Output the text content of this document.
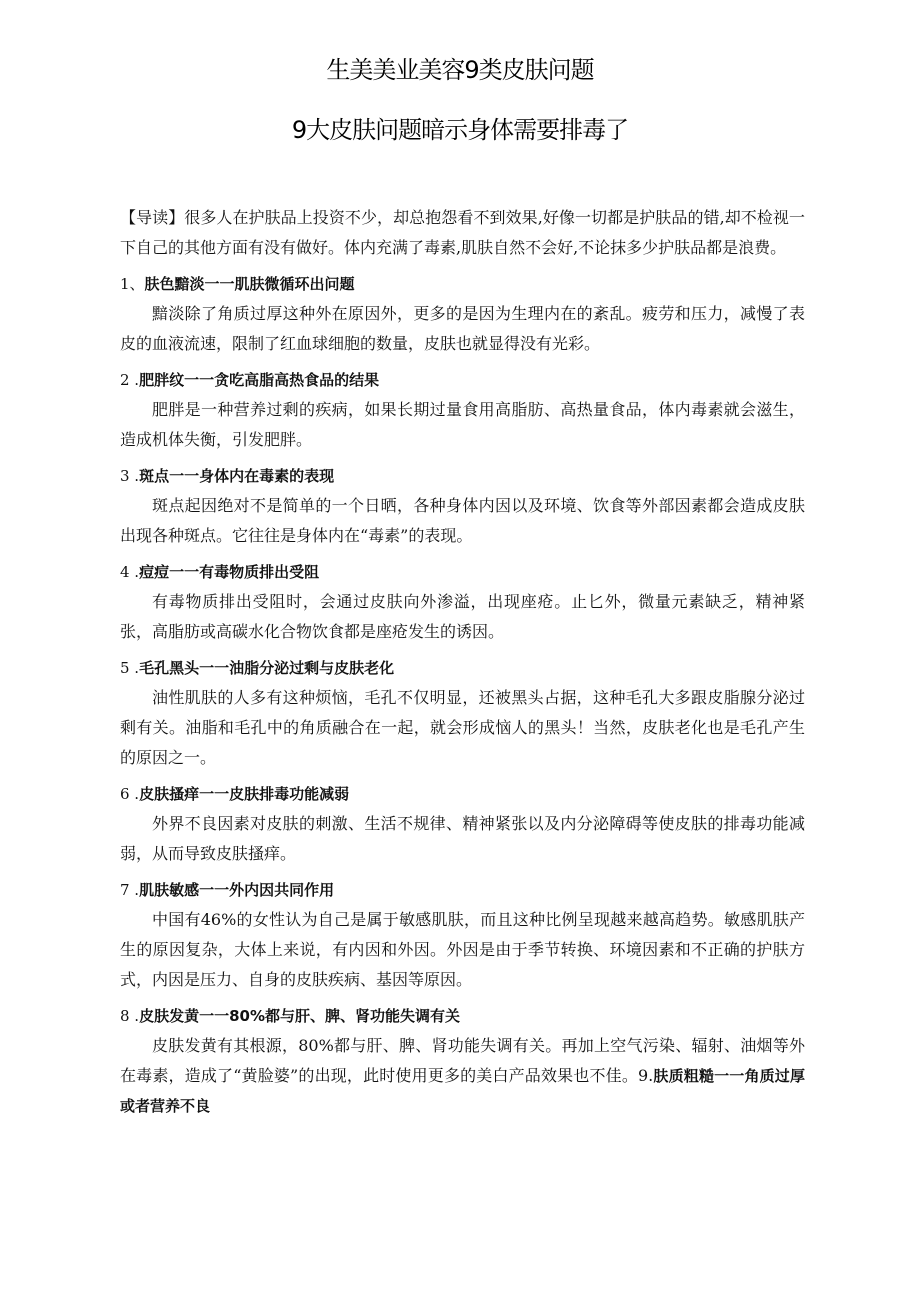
生美美业美容9类皮肤问题
9大皮肤问题暗示身体需要排毒了

【导读】很多人在护肤品上投资不少，却总抱怨看不到效果,好像一切都是护肤品的错,却不检视一下自己的其他方面有没有做好。体内充满了毒素,肌肤自然不会好,不论抹多少护肤品都是浪费。

1、肤色黯淡一一肌肤微循环出问题

黯淡除了角质过厚这种外在原因外，更多的是因为生理内在的紊乱。疲劳和压力，减慢了表皮的血液流速，限制了红血球细胞的数量，皮肤也就显得没有光彩。

2 .肥胖纹一一贪吃高脂高热食品的结果

肥胖是一种营养过剩的疾病，如果长期过量食用高脂肪、高热量食品，体内毒素就会滋生，造成机体失衡，引发肥胖。

3 .斑点一一身体内在毒素的表现

斑点起因绝对不是简单的一个日晒，各种身体内因以及环境、饮食等外部因素都会造成皮肤出现各种斑点。它往往是身体内在“毒素”的表现。

4 .痘痘一一有毒物质排出受阻

有毒物质排出受阻时，会通过皮肤向外渗溢，出现座疮。止匕外，微量元素缺乏，精神紧张，高脂肪或高碳水化合物饮食都是座疮发生的诱因。

5 .毛孔黑头一一油脂分泌过剩与皮肤老化

油性肌肤的人多有这种烦恼，毛孔不仅明显，还被黑头占据，这种毛孔大多跟皮脂腺分泌过剩有关。油脂和毛孔中的角质融合在一起，就会形成恼人的黑头！当然，皮肤老化也是毛孔产生的原因之一。

6 .皮肤搔痒一一皮肤排毒功能减弱

外界不良因素对皮肤的刺激、生活不规律、精神紧张以及内分泌障碍等使皮肤的排毒功能减弱，从而导致皮肤搔痒。

7 .肌肤敏感一一外内因共同作用

中国有46%的女性认为自己是属于敏感肌肤，而且这种比例呈现越来越高趋势。敏感肌肤产生的原因复杂，大体上来说，有内因和外因。外因是由于季节转换、环境因素和不正确的护肤方式，内因是压力、自身的皮肤疾病、基因等原因。

8 .皮肤发黄一一80%都与肝、脾、肾功能失调有关

皮肤发黄有其根源，80%都与肝、脾、肾功能失调有关。再加上空气污染、辐射、油烟等外在毒素，造成了“黄脸婆”的出现，此时使用更多的美白产品效果也不佳。9.肤质粗糙一一角质过厚或者营养不良
